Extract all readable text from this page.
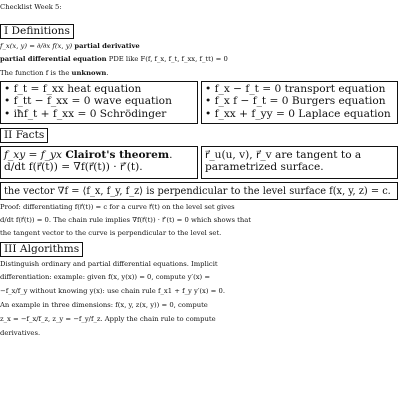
Checklist Week 5:
I Definitions
f_x(x, y) = ∂/∂x f(x, y) partial derivative
partial differential equation PDE like F(f, f_x, f_t, f_xx, f_tt) = 0
The function f is the unknown.
• f_t = f_xx heat equation
• f_tt − f_xx = 0 wave equation
• iħf_t + f_xx = 0 Schrödinger
• f_x − f_t = 0 transport equation
• f_x f − f_t = 0 Burgers equation
• f_xx + f_yy = 0 Laplace equation
II Facts
f_xy = f_yx Clairot's theorem.
d/dt f(r⃗(t)) = ∇f(r⃗(t)) · r⃗′(t).
r⃗_u(u, v), r⃗_v are tangent to a
parametrized surface.
the vector ∇f = ⟨f_x, f_y, f_z⟩ is perpendicular to the level surface f(x, y, z) = c.
Proof: differentiating f(r⃗(t)) = c for a curve r⃗(t) on the level set gives
d/dt f(r⃗(t)) = 0. The chain rule implies ∇f(r⃗(t)) · r⃗′(t) = 0 which shows that
the tangent vector to the curve is perpendicular to the level set.
III Algorithms
Distinguish ordinary and partial differential equations. Implicit
differentiation: example: given f(x, y(x)) = 0, compute y′(x) =
−f_x/f_y without knowing y(x): use chain rule f_x1 + f_y y′(x) = 0.
An example in three dimensions: f(x, y, z(x, y)) = 0, compute
z_x = −f_x/f_z, z_y = −f_y/f_z. Apply the chain rule to compute
derivatives.
